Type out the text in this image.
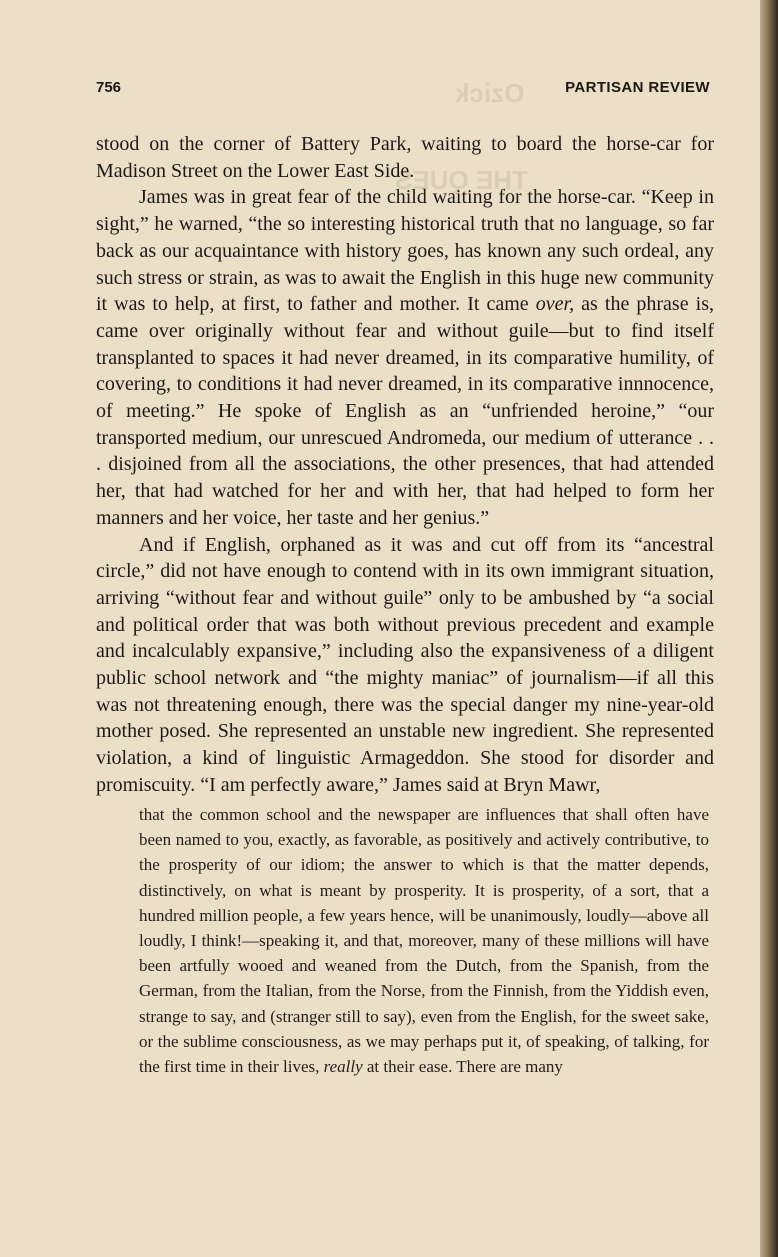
Ozick
THE QUES
756	PARTISAN REVIEW

stood on the corner of Battery Park, waiting to board the horse-car for Madison Street on the Lower East Side.

James was in great fear of the child waiting for the horse-car. “Keep in sight,” he warned, “the so interesting historical truth that no language, so far back as our acquaintance with history goes, has known any such ordeal, any such stress or strain, as was to await the English in this huge new community it was to help, at first, to father and mother. It came over, as the phrase is, came over originally without fear and without guile—but to find itself transplanted to spaces it had never dreamed, in its comparative humility, of covering, to conditions it had never dreamed, in its comparative innnocence, of meeting.” He spoke of English as an “unfriended heroine,” “our transported medium, our unrescued Andromeda, our medium of utterance . . . disjoined from all the associations, the other presences, that had attended her, that had watched for her and with her, that had helped to form her manners and her voice, her taste and her genius.”

And if English, orphaned as it was and cut off from its “ancestral circle,” did not have enough to contend with in its own immigrant situation, arriving “without fear and without guile” only to be ambushed by “a social and political order that was both without previous precedent and example and incalculably expansive,” including also the expansiveness of a diligent public school network and “the mighty maniac” of journalism—if all this was not threatening enough, there was the special danger my nine-year-old mother posed. She represented an unstable new ingredient. She represented violation, a kind of linguistic Armageddon. She stood for disorder and promiscuity. “I am perfectly aware,” James said at Bryn Mawr,

that the common school and the newspaper are influences that shall often have been named to you, exactly, as favorable, as positively and actively contributive, to the prosperity of our idiom; the answer to which is that the matter depends, distinctively, on what is meant by prosperity. It is prosperity, of a sort, that a hundred million people, a few years hence, will be unanimously, loudly—above all loudly, I think!—speaking it, and that, moreover, many of these millions will have been artfully wooed and weaned from the Dutch, from the Spanish, from the German, from the Italian, from the Norse, from the Finnish, from the Yiddish even, strange to say, and (stranger still to say), even from the English, for the sweet sake, or the sublime consciousness, as we may perhaps put it, of speaking, of talking, for the first time in their lives, really at their ease. There are many
